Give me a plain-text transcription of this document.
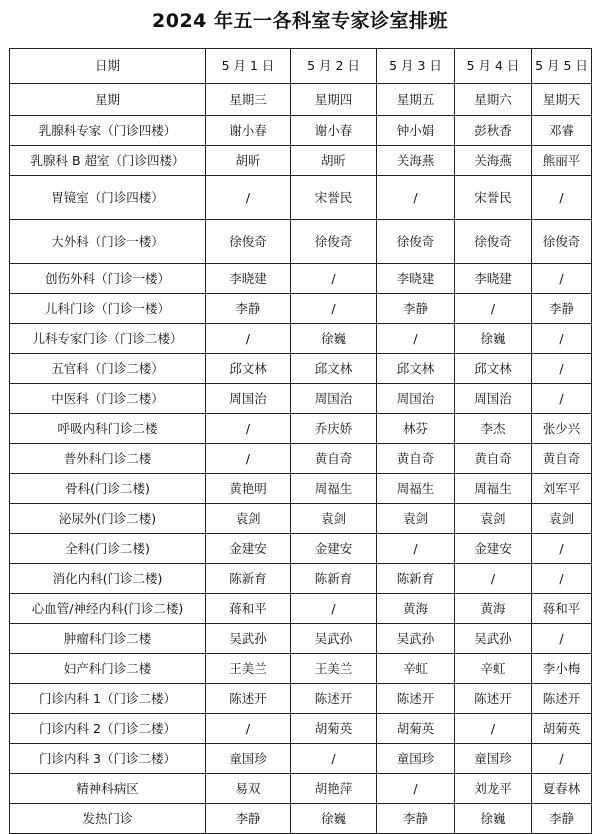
2024 年五一各科室专家诊室排班
日期	5 月 1 日	5 月 2 日	5 月 3 日	5 月 4 日	5 月 5 日
星期	星期三	星期四	星期五	星期六	星期天
乳腺科专家（门诊四楼）	谢小春	谢小春	钟小娟	彭秋香	邓睿
乳腺科 B 超室（门诊四楼）	胡昕	胡昕	关海燕	关海燕	熊丽平
胃镜室（门诊四楼）	/	宋誉民	/	宋誉民	/
大外科（门诊一楼）	徐俊奇	徐俊奇	徐俊奇	徐俊奇	徐俊奇
创伤外科（门诊一楼）	李晓建	/	李晓建	李晓建	/
儿科门诊（门诊一楼）	李静	/	李静	/	李静
儿科专家门诊（门诊二楼）	/	徐巍	/	徐巍	/
五官科（门诊二楼）	邱文林	邱文林	邱文林	邱文林	/
中医科（门诊二楼）	周国治	周国治	周国治	周国治	/
呼吸内科门诊二楼	/	乔庆娇	林芬	李杰	张少兴
普外科门诊二楼	/	黄自奇	黄自奇	黄自奇	黄自奇
骨科(门诊二楼)	黄艳明	周福生	周福生	周福生	刘军平
泌尿外(门诊二楼)	袁剑	袁剑	袁剑	袁剑	袁剑
全科(门诊二楼)	金建安	金建安	/	金建安	/
消化内科(门诊二楼)	陈新育	陈新育	陈新育	/	/
心血管/神经内科(门诊二楼)	蒋和平	/	黄海	黄海	蒋和平
肿瘤科门诊二楼	吴武孙	吴武孙	吴武孙	吴武孙	/
妇产科门诊二楼	王美兰	王美兰	辛虹	辛虹	李小梅
门诊内科 1（门诊二楼）	陈述开	陈述开	陈述开	陈述开	陈述开
门诊内科 2（门诊二楼）	/	胡菊英	胡菊英	/	胡菊英
门诊内科 3（门诊二楼）	童国珍	/	童国珍	童国珍	/
精神科病区	易双	胡艳萍	/	刘龙平	夏春林
发热门诊	李静	徐巍	李静	徐巍	李静
